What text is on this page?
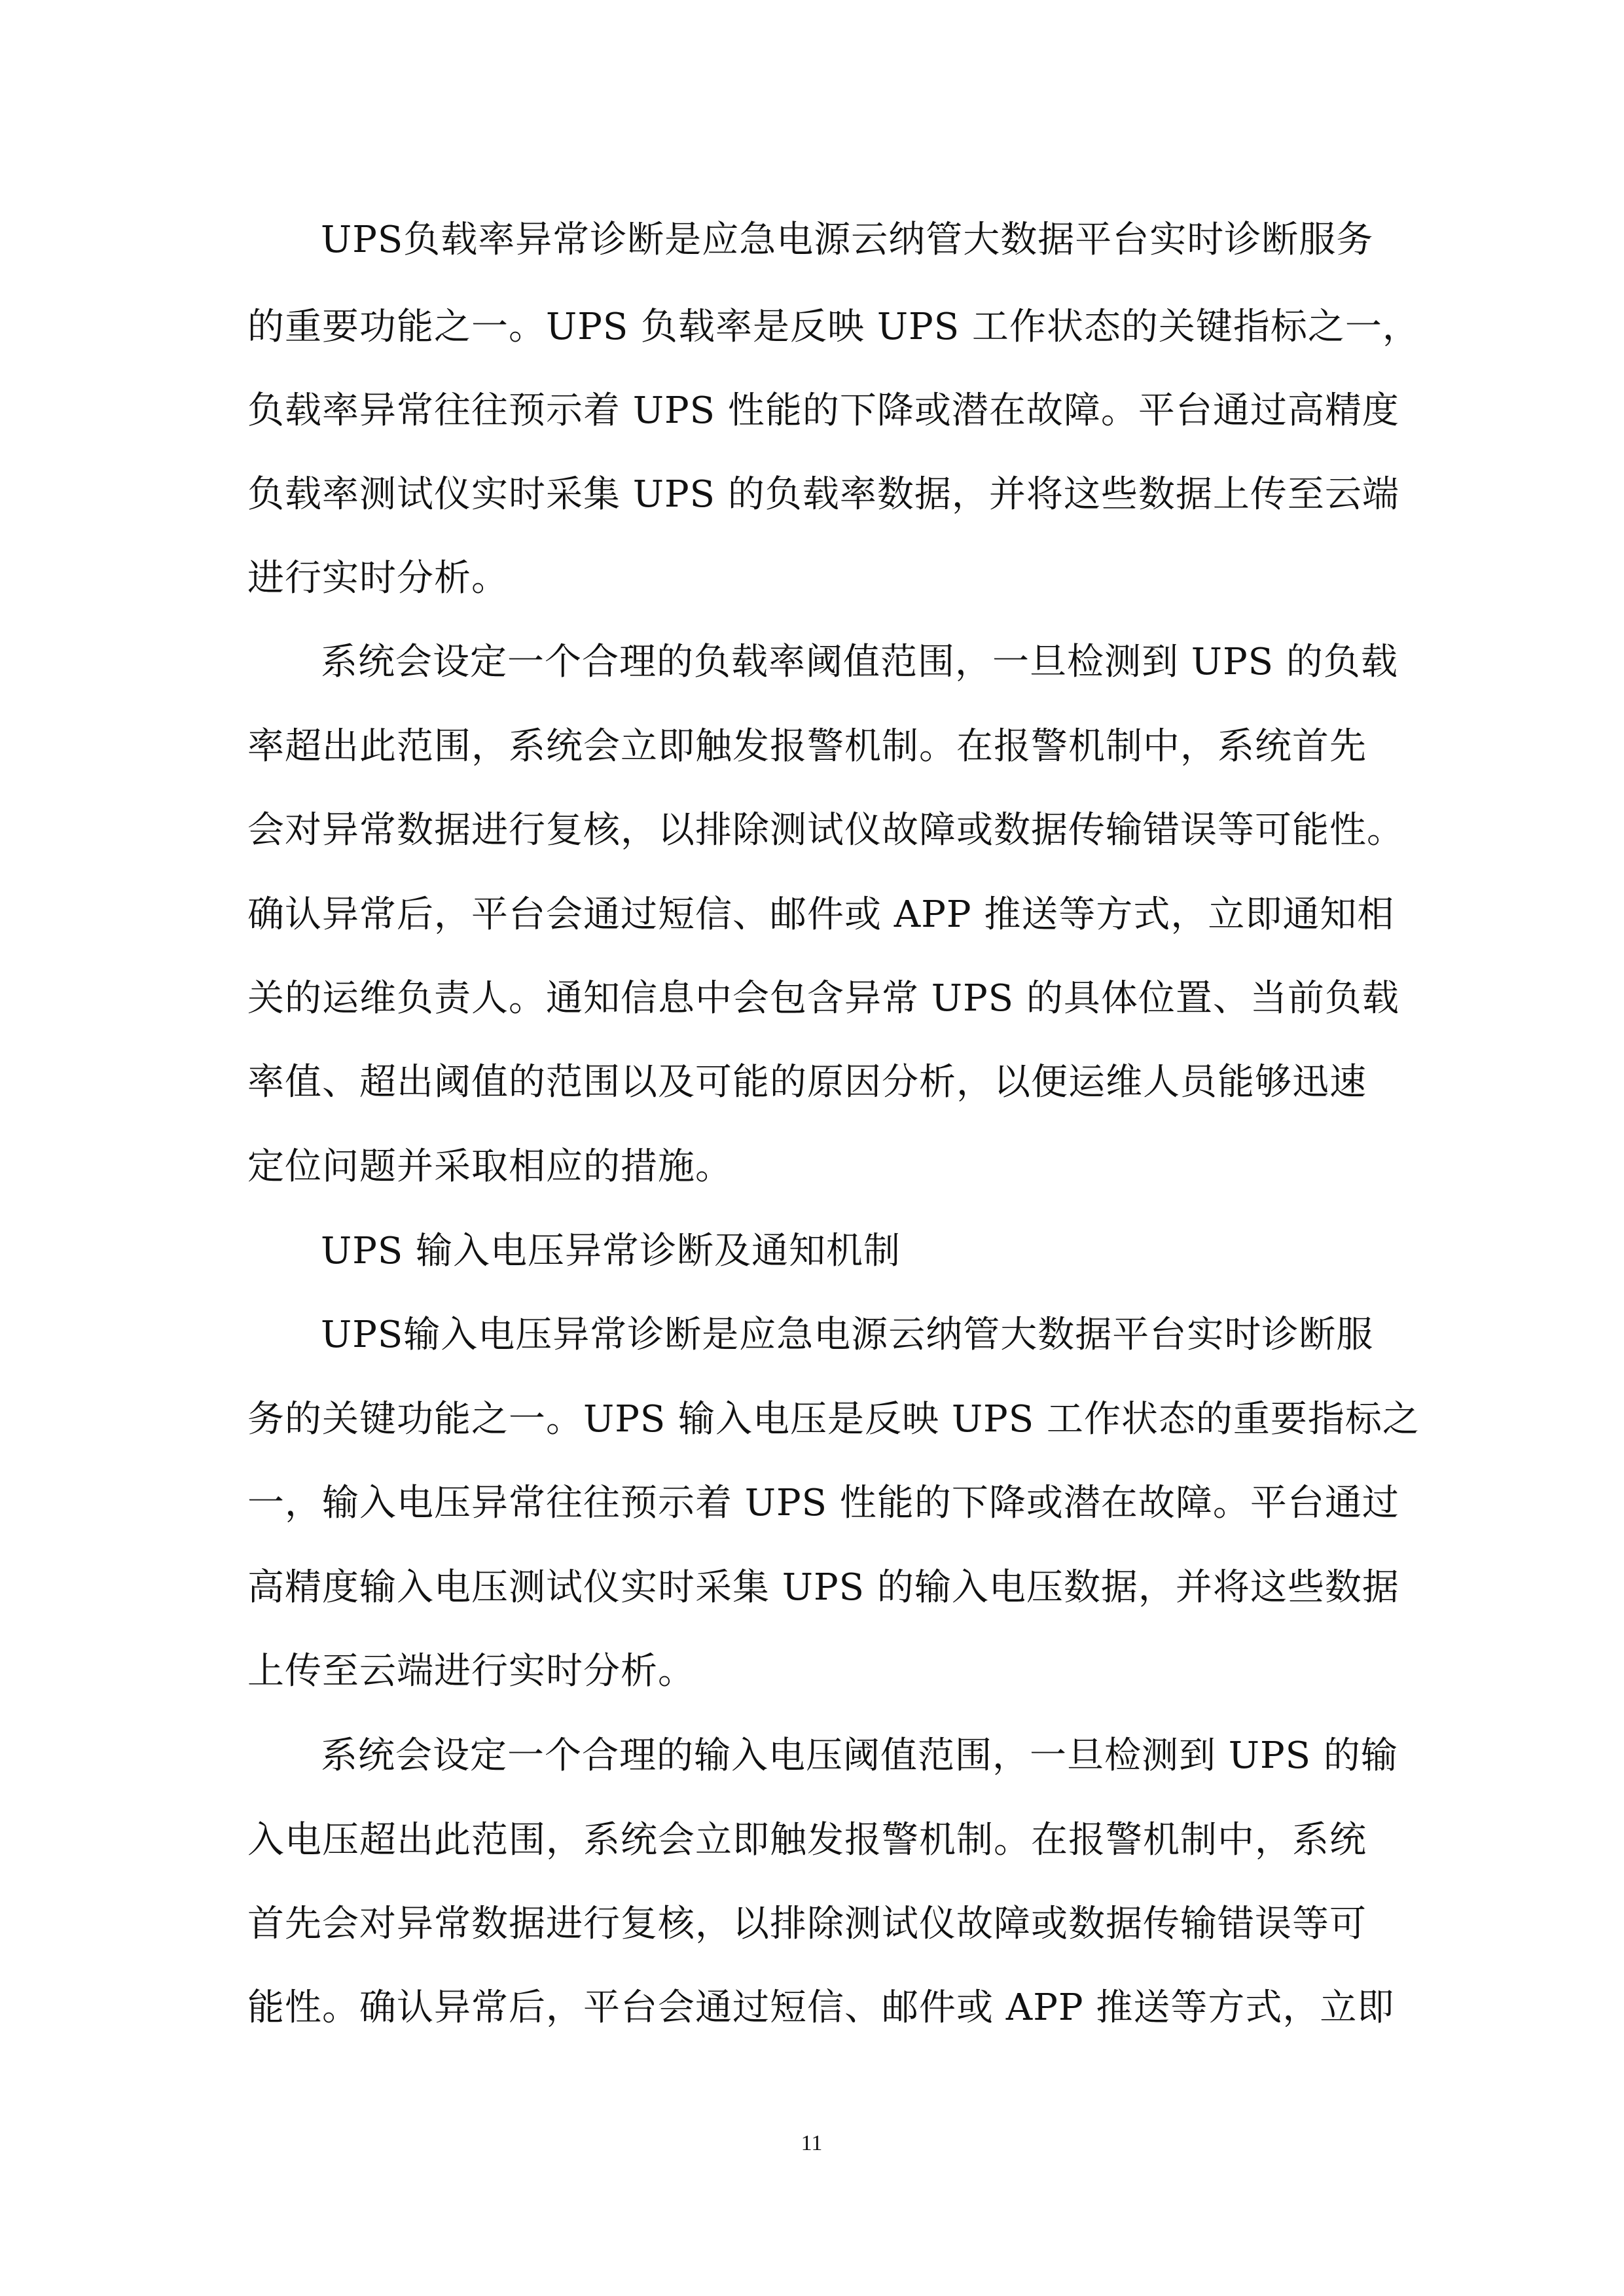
UPS负载率异常诊断是应急电源云纳管大数据平台实时诊断服务
的重要功能之一。UPS 负载率是反映 UPS 工作状态的关键指标之一，
负载率异常往往预示着 UPS 性能的下降或潜在故障。平台通过高精度
负载率测试仪实时采集 UPS 的负载率数据，并将这些数据上传至云端
进行实时分析。
系统会设定一个合理的负载率阈值范围，一旦检测到 UPS 的负载
率超出此范围，系统会立即触发报警机制。在报警机制中，系统首先
会对异常数据进行复核，以排除测试仪故障或数据传输错误等可能性。
确认异常后，平台会通过短信、邮件或 APP 推送等方式，立即通知相
关的运维负责人。通知信息中会包含异常 UPS 的具体位置、当前负载
率值、超出阈值的范围以及可能的原因分析，以便运维人员能够迅速
定位问题并采取相应的措施。
UPS 输入电压异常诊断及通知机制
UPS输入电压异常诊断是应急电源云纳管大数据平台实时诊断服
务的关键功能之一。UPS 输入电压是反映 UPS 工作状态的重要指标之
一，输入电压异常往往预示着 UPS 性能的下降或潜在故障。平台通过
高精度输入电压测试仪实时采集 UPS 的输入电压数据，并将这些数据
上传至云端进行实时分析。
系统会设定一个合理的输入电压阈值范围，一旦检测到 UPS 的输
入电压超出此范围，系统会立即触发报警机制。在报警机制中，系统
首先会对异常数据进行复核，以排除测试仪故障或数据传输错误等可
能性。确认异常后，平台会通过短信、邮件或 APP 推送等方式，立即
11
